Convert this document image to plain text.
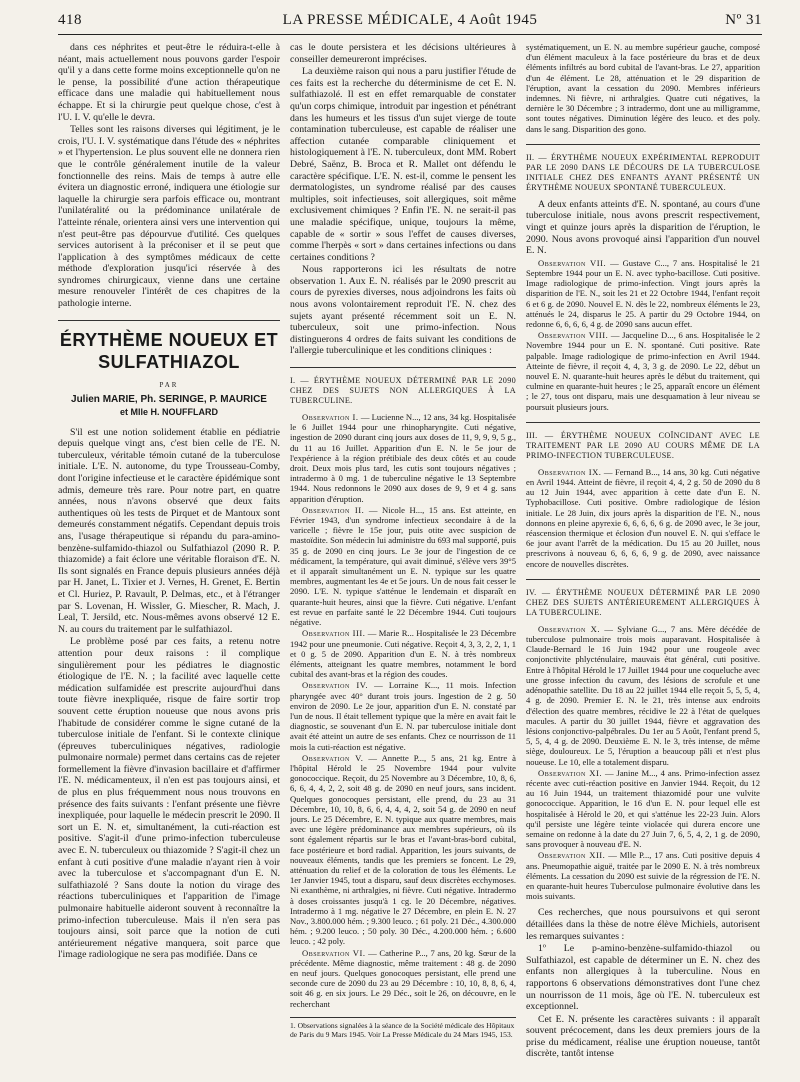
418	LA PRESSE MÉDICALE, 4 Août 1945	Nº 31

dans ces néphrites et peut-être le réduira-t-elle à néant, mais actuellement nous pouvons garder l'espoir qu'il y a dans cette forme moins exceptionnelle qu'on ne le pense, la possibilité d'une action thérapeutique efficace dans une maladie qui habituellement nous échappe. Et si la chirurgie peut quelque chose, c'est à l'U. I. V. qu'elle le devra.

Telles sont les raisons diverses qui légitiment, je le crois, l'U. I. V. systématique dans l'étude des « néphrites » et l'hypertension. Le plus souvent elle ne donnera rien que le contrôle généralement inutile de la valeur fonctionnelle des reins. Mais de temps à autre elle évitera un diagnostic erroné, indiquera une étiologie sur laquelle la chirurgie sera parfois efficace ou, montrant l'unilatéralité ou la prédominance unilatérale de l'atteinte rénale, orientera ainsi vers une intervention qui n'est peut-être pas dépourvue d'utilité. Ces quelques services autorisent à la préconiser et il se peut que l'application à des symptômes médicaux de cette méthode d'exploration jusqu'ici réservée à des syndromes chirurgicaux, vienne dans une certaine mesure renouveler l'intérêt de ces chapitres de la pathologie interne.

ÉRYTHÈME NOUEUX ET SULFATHIAZOL
PAR
Julien MARIE, Ph. SERINGE, P. MAURICE
et Mlle H. NOUFFLARD

S'il est une notion solidement établie en pédiatrie depuis quelque vingt ans, c'est bien celle de l'E. N. tuberculeux, véritable témoin cutané de la tuberculose initiale. L'E. N. autonome, du type Trousseau-Comby, dont l'origine infectieuse et le caractère épidémique sont admis, demeure très rare. Pour notre part, en quatre années, nous n'avons observé que deux faits authentiques où les tests de Pirquet et de Mantoux sont demeurés constamment négatifs. Cependant depuis trois ans, l'usage thérapeutique si répandu du para-amino-benzène-sulfamido-thiazol ou Sulfathiazol (2090 R. P. thiazomide) a fait éclore une véritable floraison d'E. N. Ils sont signalés en France depuis plusieurs années déjà par H. Janet, L. Tixier et J. Vernes, H. Grenet, E. Bertin et Cl. Huriez, P. Ravault, P. Delmas, etc., et à l'étranger par S. Lovenan, H. Wissler, G. Miescher, R. Mach, J. Leal, T. Jersild, etc. Nous-mêmes avons observé 12 E. N. au cours du traitement par le sulfathiazol.

Le problème posé par ces faits, a retenu notre attention pour deux raisons : il complique singulièrement pour les pédiatres le diagnostic étiologique de l'E. N. ; la facilité avec laquelle cette médication sulfamidée est prescrite aujourd'hui dans toute fièvre inexpliquée, risque de faire sortir trop souvent cette éruption noueuse que nous avons pris l'habitude de considérer comme le signe cutané de la tuberculose initiale de l'enfant. Si le contexte clinique (épreuves tuberculiniques négatives, radiologie pulmonaire normale) permet dans certains cas de rejeter formellement la fièvre d'invasion bacillaire et d'affirmer l'E. N. médicamenteux, il n'en est pas toujours ainsi, et de plus en plus fréquemment nous nous trouvons en présence des faits suivants : l'enfant présente une fièvre inexpliquée, pour laquelle le médecin prescrit le 2090. Il sort un E. N. et, simultanément, la cuti-réaction est positive. S'agit-il d'une primo-infection tuberculeuse avec E. N. tuberculeux ou thiazomide ? S'agit-il chez un enfant à cuti positive d'une maladie n'ayant rien à voir avec la tuberculose et s'accompagnant d'un E. N. sulfathiazolé ? Sans doute la notion du virage des réactions tuberculiniques et l'apparition de l'image pulmonaire habituelle aideront souvent à reconnaître la primo-infection tuberculeuse. Mais il n'en sera pas toujours ainsi, soit parce que la notion de cuti antérieurement négative manquera, soit parce que l'image radiologique ne sera pas modifiée. Dans ce

cas le doute persistera et les décisions ultérieures à conseiller demeureront imprécises.

La deuxième raison qui nous a paru justifier l'étude de ces faits est la recherche du déterminisme de cet E. N. sulfathiazolé. Il est en effet remarquable de constater qu'un corps chimique, introduit par ingestion et pénétrant dans les humeurs et les tissus d'un sujet vierge de toute contamination tuberculeuse, est capable de réaliser une affection cutanée comparable cliniquement et histologiquement à l'E. N. tuberculeux, dont MM. Robert Debré, Saënz, B. Broca et R. Mallet ont défendu le caractère spécifique. L'E. N. est-il, comme le pensent les dermatologistes, un syndrome réalisé par des causes multiples, soit infectieuses, soit allergiques, soit même exclusivement chimiques ? Enfin l'E. N. ne serait-il pas une maladie spécifique, unique, toujours la même, capable de « sortir » sous l'effet de causes diverses, comme l'herpès « sort » dans certaines infections ou dans certaines conditions ?

Nous rapporterons ici les résultats de notre observation 1. Aux E. N. réalisés par le 2090 prescrit au cours de pyrexies diverses, nous adjoindrons les faits où nous avons volontairement reproduit l'E. N. chez des sujets ayant présenté récemment soit un E. N. tuberculeux, soit une primo-infection. Nous distinguerons 4 ordres de faits suivant les conditions de l'allergie tuberculinique et les conditions cliniques :

I. — ÉRYTHÈME NOUEUX DÉTERMINÉ PAR LE 2090 CHEZ DES SUJETS NON ALLERGIQUES À LA TUBERCULINE.

Observation I. — Lucienne N..., 12 ans, 34 kg. Hospitalisée le 6 Juillet 1944 pour une rhinopharyngite. Cuti négative, ingestion de 2090 durant cinq jours aux doses de 11, 9, 9, 9, 5 g., du 11 au 16 Juillet. Apparition d'un E. N. le 5e jour de l'expérience à la région prétibiale des deux côtés et au coude droit. Deux mois plus tard, les cutis sont toujours négatives ; intradermo à 0 mg. 1 de tuberculine négative le 13 Septembre 1944. Nous redonnons le 2090 aux doses de 9, 9 et 4 g. sans apparition d'éruption.

Observation II. — Nicole H..., 15 ans. Est atteinte, en Février 1943, d'un syndrome infectieux secondaire à de la varicelle ; fièvre le 15e jour, puis otite avec suspicion de mastoïdite. Son médecin lui administre du 693 mal supporté, puis 35 g. de 2090 en cinq jours. Le 3e jour de l'ingestion de ce médicament, la température, qui avait diminué, s'élève vers 39°5 et il apparaît simultanément un E. N. typique sur les quatre membres, augmentant les 4e et 5e jours. Un de nous fait cesser le 2090. L'E. N. typique s'atténue le lendemain et disparaît en quarante-huit heures, ainsi que la fièvre. Cuti négative. L'enfant est revue en parfaite santé le 22 Décembre 1944. Cuti toujours négative.

Observation III. — Marie R... Hospitalisée le 23 Décembre 1942 pour une pneumonie. Cuti négative. Reçoit 4, 3, 3, 2, 2, 1, 1 et 0 g. 5 de 2090. Apparition d'un E. N. à très nombreux éléments, atteignant les quatre membres, notamment le bord cubital des avant-bras et la région des coudes.

Observation IV. — Lorraine K..., 11 mois. Infection pharyngée avec 40° durant trois jours. Ingestion de 2 g. 50 environ de 2090. Le 2e jour, apparition d'un E. N. constaté par l'un de nous. Il était tellement typique que la mère en avait fait le diagnostic, se souvenant d'un E. N. par tuberculose initiale dont avait été atteint un autre de ses enfants. Chez ce nourrisson de 11 mois la cuti-réaction est négative.

Observation V. — Annette P..., 5 ans, 21 kg. Entre à l'hôpital Hérold le 25 Novembre 1944 pour vulvite gonococcique. Reçoit, du 25 Novembre au 3 Décembre, 10, 8, 6, 6, 6, 4, 4, 2, 2, soit 48 g. de 2090 en neuf jours, sans incident. Quelques gonocoques persistant, elle prend, du 23 au 31 Décembre, 10, 10, 8, 6, 6, 4, 4, 4, 2, soit 54 g. de 2090 en neuf jours. Le 25 Décembre, E. N. typique aux quatre membres, mais avec une légère prédominance aux membres supérieurs, où ils sont également répartis sur le bras et l'avant-bras-bord cubital, face postérieure et bord radial. Apparition, les jours suivants, de nouveaux éléments, tandis que les premiers se foncent. Le 29, atténuation du relief et de la coloration de tous les éléments. Le 1er Janvier 1945, tout a disparu, sauf deux discrètes ecchymoses. Ni exanthème, ni arthralgies, ni fièvre. Cuti négative. Intradermo à doses croissantes jusqu'à 1 cg. le 20 Décembre, négatives. Intradermo à 1 mg. négative le 27 Décembre, en plein E. N. 27 Nov., 3.800.000 hém. ; 9.300 leuco. ; 61 poly. 21 Déc., 4.300.000 hém. ; 9.200 leuco. ; 50 poly. 30 Déc., 4.200.000 hém. ; 6.600 leuco. ; 42 poly.

Observation VI. — Catherine P..., 7 ans, 20 kg. Sœur de la précédente. Même diagnostic, même traitement : 48 g. de 2090 en neuf jours. Quelques gonocoques persistant, elle prend une seconde cure de 2090 du 23 au 29 Décembre : 10, 10, 8, 8, 6, 4, soit 46 g. en six jours. Le 29 Déc., soit le 26, on découvre, en le recherchant

1. Observations signalées à la séance de la Société médicale des Hôpitaux de Paris du 9 Mars 1945. Voir La Presse Médicale du 24 Mars 1945, 153.

systématiquement, un E. N. au membre supérieur gauche, composé d'un élément maculeux à la face postérieure du bras et de deux éléments infiltrés au bord cubital de l'avant-bras. Le 27, apparition d'un 4e élément. Le 28, atténuation et le 29 disparition de l'éruption, avant la cessation du 2090. Membres inférieurs indemnes. Ni fièvre, ni arthralgies. Quatre cuti négatives, la dernière le 30 Décembre ; 3 intradermo, dont une au milligramme, sont toutes négatives. Diminution légère des leuco. et des poly. dans le sang. Disparition des gono.

II. — ÉRYTHÈME NOUEUX EXPÉRIMENTAL REPRODUIT PAR LE 2090 DANS LE DÉCOURS DE LA TUBERCULOSE INITIALE CHEZ DES ENFANTS AYANT PRÉSENTÉ UN ÉRYTHÈME NOUEUX SPONTANÉ TUBERCULEUX.

A deux enfants atteints d'E. N. spontané, au cours d'une tuberculose initiale, nous avons prescrit respectivement, vingt et quinze jours après la disparition de l'éruption, le 2090. Nous avons provoqué ainsi l'apparition d'un nouvel E. N.

Observation VII. — Gustave C..., 7 ans. Hospitalisé le 21 Septembre 1944 pour un E. N. avec typho-bacillose. Cuti positive. Image radiologique de primo-infection. Vingt jours après la disparition de l'E. N., soit les 21 et 22 Octobre 1944, l'enfant reçoit 6 et 6 g. de 2090. Nouvel E. N. dès le 22, nombreux éléments le 23, atténués le 24, disparus le 25. A partir du 29 Octobre 1944, on redonne 6, 6, 6, 6, 4 g. de 2090 sans aucun effet.

Observation VIII. — Jacqueline D..., 6 ans. Hospitalisée le 2 Novembre 1944 pour un E. N. spontané. Cuti positive. Rate palpable. Image radiologique de primo-infection en Avril 1944. Atteinte de fièvre, il reçoit 4, 4, 3, 3 g. de 2090. Le 22, début un nouvel E. N. quarante-huit heures après le début du traitement, qui culmine en quarante-huit heures ; le 25, apparaît encore un élément ; le 27, tous ont disparu, mais une desquamation à leur niveau se poursuit plusieurs jours.

III. — ÉRYTHÈME NOUEUX COÏNCIDANT AVEC LE TRAITEMENT PAR LE 2090 AU COURS MÊME DE LA PRIMO-INFECTION TUBERCULEUSE.

Observation IX. — Fernand B..., 14 ans, 30 kg. Cuti négative en Avril 1944. Atteint de fièvre, il reçoit 4, 4, 2 g. 50 de 2090 du 8 au 12 Juin 1944, avec apparition à cette date d'un E. N. Typhobacillose. Cuti positive. Ombre radiologique de lésion initiale. Le 28 Juin, dix jours après la disparition de l'E. N., nous donnons en pleine apyrexie 6, 6, 6, 6, 6 g. de 2090 avec, le 3e jour, réascension thermique et éclosion d'un nouvel E. N. qui s'efface le 6e jour avant l'arrêt de la médication. Du 15 au 20 Juillet, nous prescrivons à nouveau 6, 6, 6, 6, 9 g. de 2090, avec naissance encore de nouvelles discrètes.

IV. — ÉRYTHÈME NOUEUX DÉTERMINÉ PAR LE 2090 CHEZ DES SUJETS ANTÉRIEUREMENT ALLERGIQUES À LA TUBERCULINE.

Observation X. — Sylviane G..., 7 ans. Mère décédée de tuberculose pulmonaire trois mois auparavant. Hospitalisée à Claude-Bernard le 16 Juin 1942 pour une rougeole avec conjonctivite phlycténulaire, mauvais état général, cuti positive. Entre à l'hôpital Hérold le 17 Juillet 1944 pour une coqueluche avec une grosse infection du cavum, des lésions de scrofule et une adénopathie satellite. Du 18 au 22 juillet 1944 elle reçoit 5, 5, 5, 4, 4 g. de 2090. Premier E. N. le 21, très intense aux endroits d'élection des quatre membres, récidive le 22 à l'état de quelques macules. A partir du 30 juillet 1944, fièvre et aggravation des lésions conjonctivo-palpébrales. Du 1er au 5 Août, l'enfant prend 5, 5, 5, 4, 4 g. de 2090. Deuxième E. N. le 3, très intense, de même siège, douloureux. Le 5, l'éruption a beaucoup pâli et n'est plus noueuse. Le 10, elle a totalement disparu.

Observation XI. — Janine M..., 4 ans. Primo-infection assez récente avec cuti-réaction positive en Janvier 1944. Reçoit, du 12 au 16 Juin 1944, un traitement thiazomidé pour une vulvite gonococcique. Apparition, le 16 d'un E. N. pour lequel elle est hospitalisée à Hérold le 20, et qui s'atténue les 22-23 Juin. Alors qu'il persiste une légère teinte violacée qui durera encore une semaine on redonne à la date du 27 Juin 7, 6, 5, 4, 2, 1 g. de 2090, sans provoquer à nouveau d'E. N.

Observation XII. — Mlle P..., 17 ans. Cuti positive depuis 4 ans. Pneumopathie aiguë, traitée par le 2090 E. N. à très nombreux éléments. La cessation du 2090 est suivie de la régression de l'E. N. en quarante-huit heures Tuberculose pulmonaire évolutive dans les mois suivants.

Ces recherches, que nous poursuivons et qui seront détaillées dans la thèse de notre élève Michiels, autorisent les remarques suivantes :

1º Le p-amino-benzène-sulfamido-thiazol ou Sulfathiazol, est capable de déterminer un E. N. chez des enfants non allergiques à la tuberculine. Nous en rapportons 6 observations démonstratives dont l'une chez un nourrisson de 11 mois, âge où l'E. N. tuberculeux est exceptionnel.

Cet E. N. présente les caractères suivants : il apparaît souvent précocement, dans les deux premiers jours de la prise du médicament, réalise une éruption noueuse, tantôt discrète, tantôt intense
